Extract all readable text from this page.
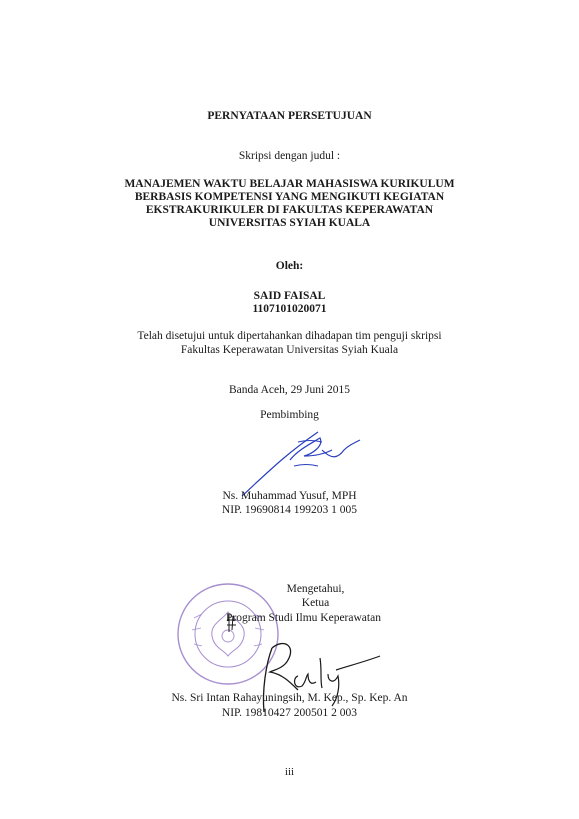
PERNYATAAN PERSETUJUAN
Skripsi dengan judul :
MANAJEMEN WAKTU BELAJAR MAHASISWA KURIKULUM
BERBASIS KOMPETENSI YANG MENGIKUTI KEGIATAN
EKSTRAKURIKULER DI FAKULTAS KEPERAWATAN
UNIVERSITAS SYIAH KUALA
Oleh:
SAID FAISAL
1107101020071
Telah disetujui untuk dipertahankan dihadapan tim penguji skripsi
Fakultas Keperawatan Universitas Syiah Kuala
Banda Aceh, 29 Juni 2015
Pembimbing
Ns. Muhammad Yusuf, MPH
NIP. 19690814 199203 1 005
Mengetahui,
Ketua
Program Studi Ilmu Keperawatan
Ns. Sri Intan Rahayuningsih, M. Kep., Sp. Kep. An
NIP. 19810427 200501 2 003
iii
